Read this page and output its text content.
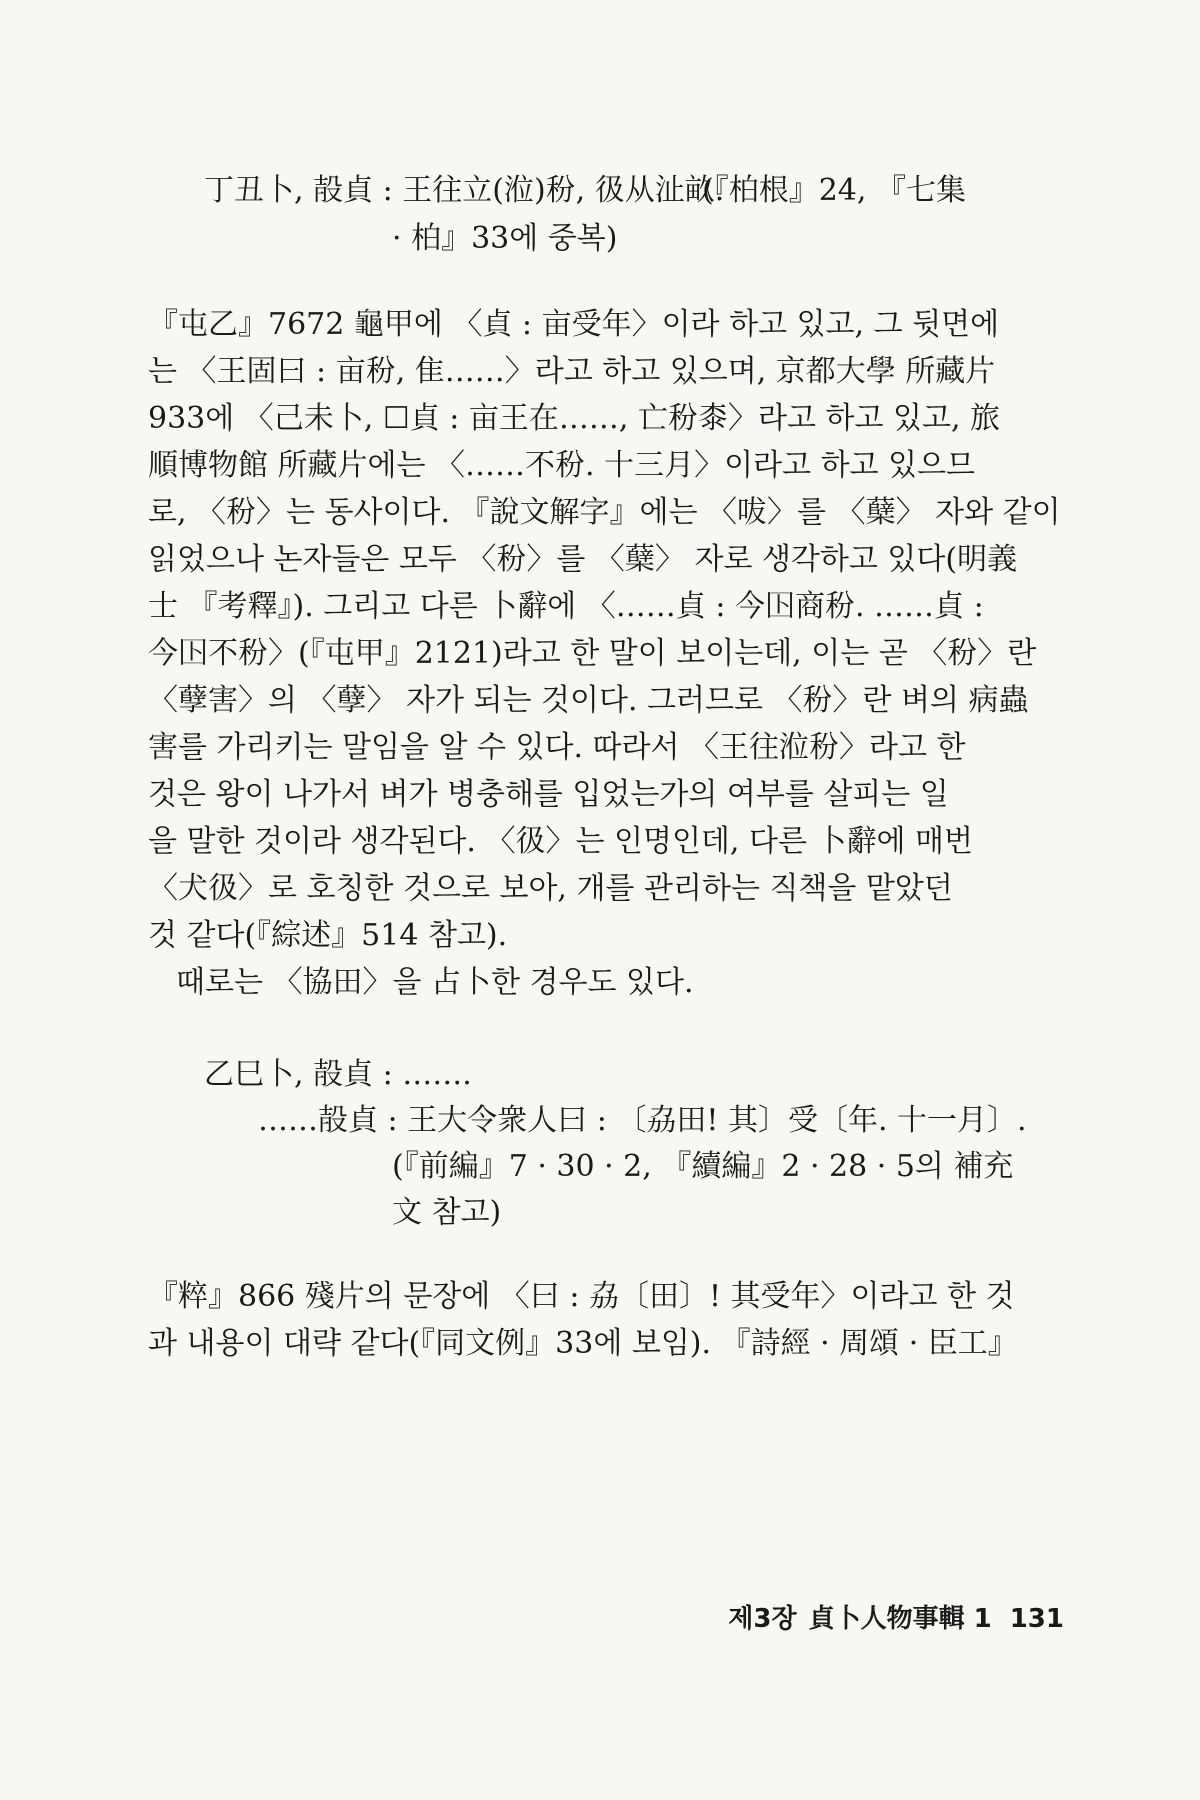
丁丑卜, 㱿貞 : 王往立(涖)秎, 彶从沚畝.
(『柏根』24, 『七集
· 柏』33에 중복)
『屯乙』7672 龜甲에 〈貞 : 亩受年〉이라 하고 있고, 그 뒷면에
는 〈王固曰 : 亩秎, 隹……〉라고 하고 있으며, 京都大學 所藏片
933에 〈己未卜, ☐貞 : 亩王在……, 亡秎桼〉라고 하고 있고, 旅
順博物館 所藏片에는 〈……不秎. 十三月〉이라고 하고 있으므
로, 〈秎〉는 동사이다. 『說文解字』에는 〈㕹〉를 〈蘖〉 자와 같이
읽었으나 논자들은 모두 〈秎〉를 〈蘖〉 자로 생각하고 있다(明義
士 『考釋』). 그리고 다른 卜辭에 〈……貞 : 今𡆥商秎. ……貞 :
今𡆥不秎〉(『屯甲』2121)라고 한 말이 보이는데, 이는 곧 〈秎〉란
〈孽害〉의 〈孽〉 자가 되는 것이다. 그러므로 〈秎〉란 벼의 病蟲
害를 가리키는 말임을 알 수 있다. 따라서 〈王往涖秎〉라고 한
것은 왕이 나가서 벼가 병충해를 입었는가의 여부를 살피는 일
을 말한 것이라 생각된다. 〈彶〉는 인명인데, 다른 卜辭에 매번
〈犬彶〉로 호칭한 것으로 보아, 개를 관리하는 직책을 맡았던
것 같다(『綜述』514 참고).
때로는 〈協田〉을 占卜한 경우도 있다.
乙巳卜, 㱿貞 : …….
……㱿貞 : 王大令衆人曰 : 〔劦田! 其〕受〔年. 十一月〕.
(『前編』7 · 30 · 2, 『續編』2 · 28 · 5의 補充
文 참고)
『粹』866 殘片의 문장에 〈曰 : 劦〔田〕! 其受年〉이라고 한 것
과 내용이 대략 같다(『同文例』33에 보임). 『詩經 · 周頌 · 臣工』
제3장 貞卜人物事輯 1 131
